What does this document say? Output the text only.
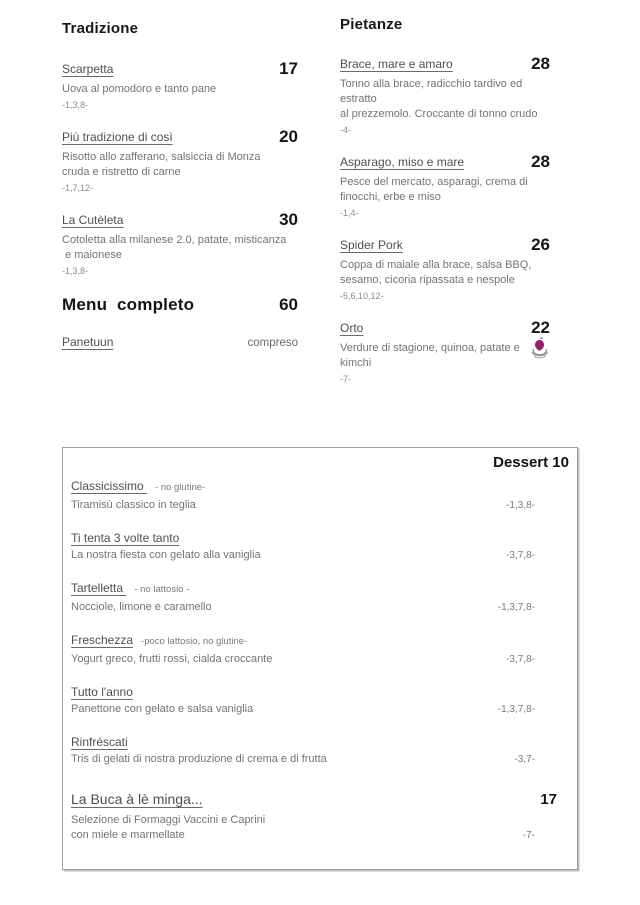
Tradizione
Scarpetta	17
Uova al pomodoro e tanto pane
-1,3,8-
Più tradizione di così	20
Risotto allo zafferano, salsiccia di Monza
cruda e ristretto di carne
-1,7,12-
La Cutèleta	30
Cotoletta alla milanese 2.0, patate, misticanza
e maionese
-1,3,8-
Menu  completo	60
Panetuun	compreso
Pietanze
Brace, mare e amaro	28
Tonno alla brace, radicchio tardivo ed estratto
al prezzemolo. Croccante di tonno crudo
-4-
Asparago, miso e mare	28
Pesce del mercato, asparagi, crema di
finocchi, erbe e miso
-1,4-
Spider Pork	26
Coppa di maiale alla brace, salsa BBQ,
sesamo, cicoria ripassata e nespole
-5,6,10,12-
Orto	22
Verdure di stagione, quinoa, patate e kimchi
-7-
Dessert 10
Classicissimo - no glutine-
Tiramisù classico in teglia	-1,3,8-
Ti tenta 3 volte tanto
La nostra fiesta con gelato alla vaniglia	-3,7,8-
Tartelletta - no lattosio -
Nocciole, limone e caramello	-1,3,7,8-
Freschezza -poco lattosio, no glutine-
Yogurt greco, frutti rossi, cialda croccante	-3,7,8-
Tutto l'anno
Panettone con gelato e salsa vaniglia	-1,3,7,8-
Rinfréscati
Tris di gelati di nostra produzione di crema e di frutta	-3,7-
La Buca à lè minga...	17
Selezione di Formaggi Vaccini e Caprini
con miele e marmellate	-7-
